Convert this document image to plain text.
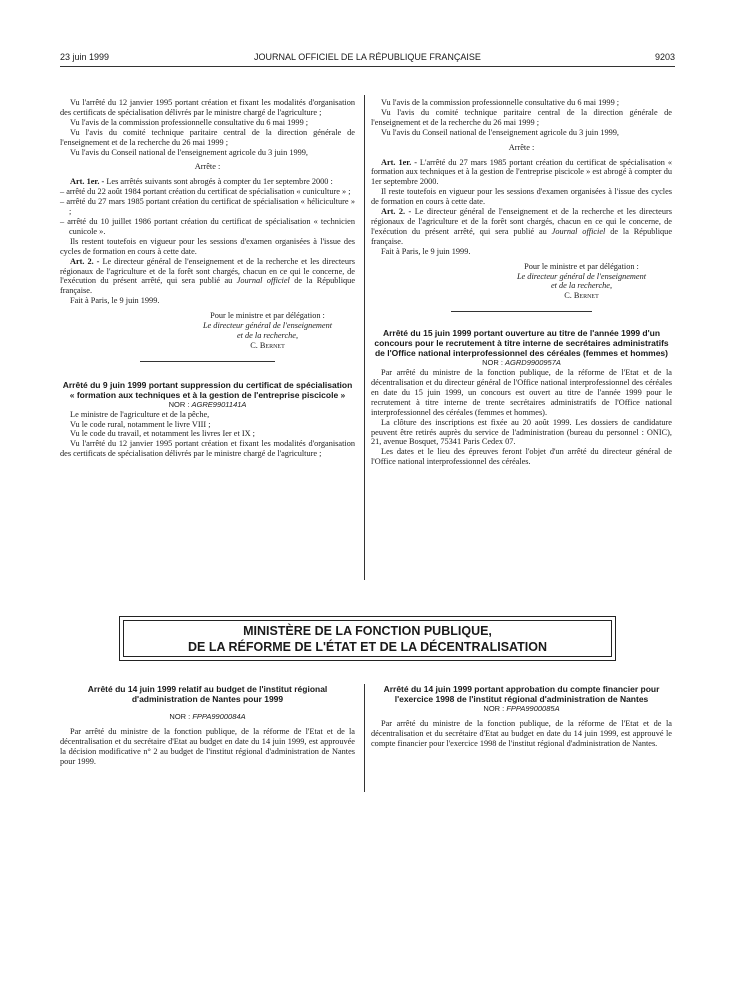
23 juin 1999	JOURNAL OFFICIEL DE LA RÉPUBLIQUE FRANÇAISE	9203

Vu l'arrêté du 12 janvier 1995 portant création et fixant les modalités d'organisation des certificats de spécialisation délivrés par le ministre chargé de l'agriculture ;

Vu l'avis de la commission professionnelle consultative du 6 mai 1999 ;

Vu l'avis du comité technique paritaire central de la direction générale de l'enseignement et de la recherche du 26 mai 1999 ;

Vu l'avis du Conseil national de l'enseignement agricole du 3 juin 1999,

Arrête :

Art. 1er. - Les arrêtés suivants sont abrogés à compter du 1er septembre 2000 :

– arrêté du 22 août 1984 portant création du certificat de spécialisation « cuniculture » ;

– arrêté du 27 mars 1985 portant création du certificat de spécialisation « héliciculture » ;

– arrêté du 10 juillet 1986 portant création du certificat de spécialisation « technicien cunicole ».

Ils restent toutefois en vigueur pour les sessions d'examen organisées à l'issue des cycles de formation en cours à cette date.

Art. 2. - Le directeur général de l'enseignement et de la recherche et les directeurs régionaux de l'agriculture et de la forêt sont chargés, chacun en ce qui le concerne, de l'exécution du présent arrêté, qui sera publié au Journal officiel de la République française.

Fait à Paris, le 9 juin 1999.

Pour le ministre et par délégation :

Le directeur général de l'enseignement

et de la recherche,

C. Bernet

Arrêté du 9 juin 1999 portant suppression du certificat de spécialisation « formation aux techniques et à la gestion de l'entreprise piscicole »

NOR : AGRE9901141A

Le ministre de l'agriculture et de la pêche,

Vu le code rural, notamment le livre VIII ;

Vu le code du travail, et notamment les livres Ier et IX ;

Vu l'arrêté du 12 janvier 1995 portant création et fixant les modalités d'organisation des certificats de spécialisation délivrés par le ministre chargé de l'agriculture ;

Vu l'avis de la commission professionnelle consultative du 6 mai 1999 ;

Vu l'avis du comité technique paritaire central de la direction générale de l'enseignement et de la recherche du 26 mai 1999 ;

Vu l'avis du Conseil national de l'enseignement agricole du 3 juin 1999,

Arrête :

Art. 1er. - L'arrêté du 27 mars 1985 portant création du certificat de spécialisation « formation aux techniques et à la gestion de l'entreprise piscicole » est abrogé à compter du 1er septembre 2000.

Il reste toutefois en vigueur pour les sessions d'examen organisées à l'issue des cycles de formation en cours à cette date.

Art. 2. - Le directeur général de l'enseignement et de la recherche et les directeurs régionaux de l'agriculture et de la forêt sont chargés, chacun en ce qui le concerne, de l'exécution du présent arrêté, qui sera publié au Journal officiel de la République française.

Fait à Paris, le 9 juin 1999.

Pour le ministre et par délégation :

Le directeur général de l'enseignement

et de la recherche,

C. Bernet

Arrêté du 15 juin 1999 portant ouverture au titre de l'année 1999 d'un concours pour le recrutement à titre interne de secrétaires administratifs de l'Office national interprofessionnel des céréales (femmes et hommes)

NOR : AGRD9900957A

Par arrêté du ministre de la fonction publique, de la réforme de l'Etat et de la décentralisation et du directeur général de l'Office national interprofessionnel des céréales en date du 15 juin 1999, un concours est ouvert au titre de l'année 1999 pour le recrutement à titre interne de trente secrétaires administratifs de l'Office national interprofessionnel des céréales (femmes et hommes).

La clôture des inscriptions est fixée au 20 août 1999. Les dossiers de candidature peuvent être retirés auprès du service de l'administration (bureau du personnel : ONIC), 21, avenue Bosquet, 75341 Paris Cedex 07.

Les dates et le lieu des épreuves feront l'objet d'un arrêté du directeur général de l'Office national interprofessionnel des céréales.

MINISTÈRE DE LA FONCTION PUBLIQUE,
DE LA RÉFORME DE L'ÉTAT ET DE LA DÉCENTRALISATION

Arrêté du 14 juin 1999 relatif au budget de l'institut régional d'administration de Nantes pour 1999

NOR : FPPA9900084A

Par arrêté du ministre de la fonction publique, de la réforme de l'Etat et de la décentralisation et du secrétaire d'Etat au budget en date du 14 juin 1999, est approuvée la décision modificative n° 2 au budget de l'institut régional d'administration de Nantes pour 1999.

Arrêté du 14 juin 1999 portant approbation du compte financier pour l'exercice 1998 de l'institut régional d'administration de Nantes

NOR : FPPA9900085A

Par arrêté du ministre de la fonction publique, de la réforme de l'Etat et de la décentralisation et du secrétaire d'Etat au budget en date du 14 juin 1999, est approuvé le compte financier pour l'exercice 1998 de l'institut régional d'administration de Nantes.
